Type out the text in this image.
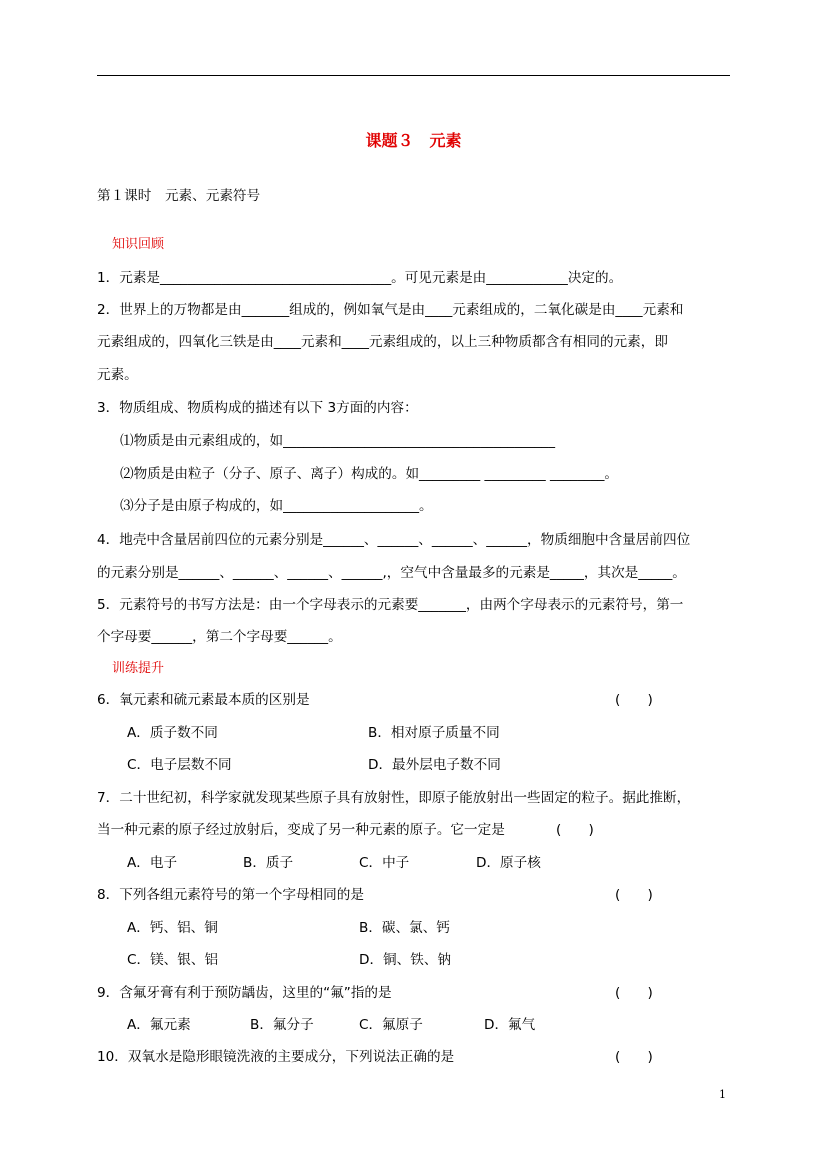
课题３　元素
第１课时　元素、元素符号
知识回顾
1．元素是__________________________________。可见元素是由____________决定的。
2．世界上的万物都是由_______组成的，例如氧气是由____元素组成的，二氧化碳是由____元素和
元素组成的，四氧化三铁是由____元素和____元素组成的，以上三种物质都含有相同的元素，即
元素。
3．物质组成、物质构成的描述有以下 3方面的内容：
⑴物质是由元素组成的，如________________________________________
⑵物质是由粒子（分子、原子、离子）构成的。如_________ _________ ________。
⑶分子是由原子构成的，如____________________。
4．地壳中含量居前四位的元素分别是______、______、______、______，物质细胞中含量居前四位
的元素分别是______、______、______、______,，空气中含量最多的元素是_____，其次是_____。
5．元素符号的书写方法是：由一个字母表示的元素要_______，由两个字母表示的元素符号，第一
个字母要______，第二个字母要______。
训练提升
6．氧元素和硫元素最本质的区别是	(　　)
A．质子数不同	B．相对原子质量不同
C．电子层数不同	D．最外层电子数不同
7．二十世纪初，科学家就发现某些原子具有放射性，即原子能放射出一些固定的粒子。据此推断，
当一种元素的原子经过放射后，变成了另一种元素的原子。它一定是	(　　)
A．电子	B．质子	C．中子	D．原子核
8．下列各组元素符号的第一个字母相同的是	(　　)
A．钙、铝、铜	B．碳、氯、钙
C．镁、银、铝	D．铜、铁、钠
9．含氟牙膏有利于预防龋齿，这里的“氟”指的是	(　　)
A．氟元素	B．氟分子	C．氟原子	D．氟气
10．双氧水是隐形眼镜洗液的主要成分，下列说法正确的是	(　　)
1
